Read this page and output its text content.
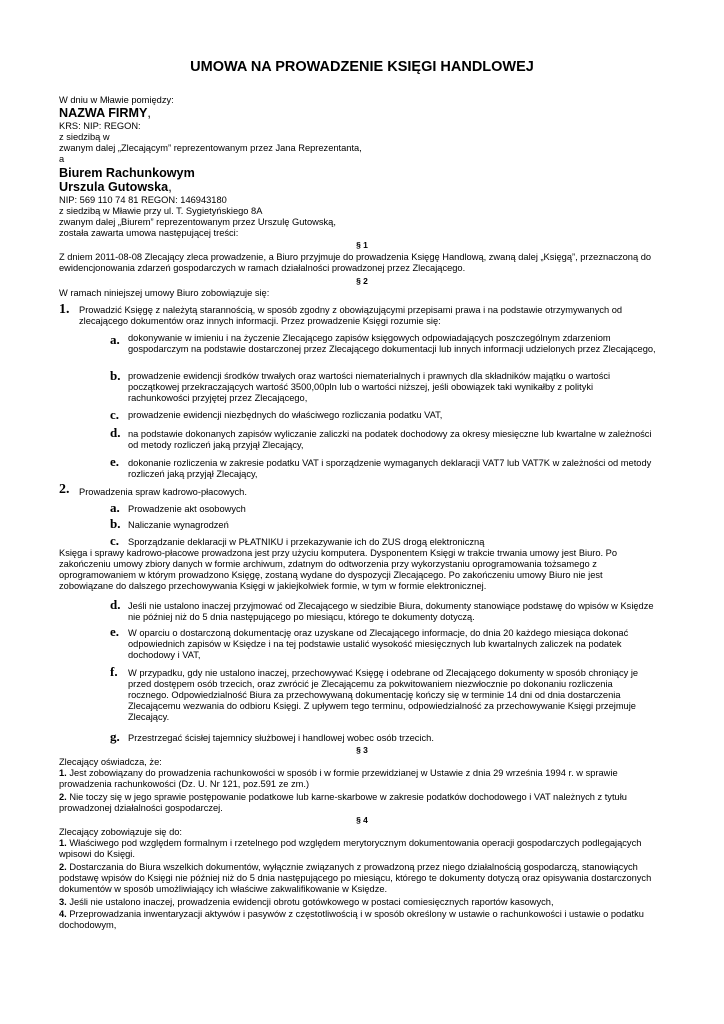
UMOWA NA PROWADZENIE KSIĘGI HANDLOWEJ
W dniu w Mławie pomiędzy:
NAZWA FIRMY,
KRS: NIP: REGON:
z siedzibą w
zwanym dalej „Zlecającym” reprezentowanym przez Jana Reprezentanta,
a
Biurem Rachunkowym
Urszula Gutowska,
NIP: 569 110 74 81 REGON: 146943180
z siedzibą w Mławie przy ul. T. Sygietyńskiego 8A
zwanym dalej „Biurem” reprezentowanym przez Urszulę Gutowską,
została zawarta umowa następującej treści:
§ 1
Z dniem 2011-08-08 Zlecający zleca prowadzenie, a Biuro przyjmuje do prowadzenia Księgę Handlową, zwaną dalej „Księgą”, przeznaczoną do ewidencjonowania zdarzeń gospodarczych w ramach działalności prowadzonej przez Zlecającego.
§ 2
W ramach niniejszej umowy Biuro zobowiązuje się:
1. Prowadzić Księgę z należytą starannością, w sposób zgodny z obowiązującymi przepisami prawa i na podstawie otrzymywanych od zlecającego dokumentów oraz innych informacji. Przez prowadzenie Księgi rozumie się:
a. dokonywanie w imieniu i na życzenie Zlecającego zapisów księgowych odpowiadających poszczególnym zdarzeniom gospodarczym na podstawie dostarczonej przez Zlecającego dokumentacji lub innych informacji udzielonych przez Zlecającego,
b. prowadzenie ewidencji środków trwałych oraz wartości niematerialnych i prawnych dla składników majątku o wartości początkowej przekraczających wartość 3500,00pln lub o wartości niższej, jeśli obowiązek taki wynikałby z polityki rachunkowości przyjętej przez Zlecającego,
c. prowadzenie ewidencji niezbędnych do właściwego rozliczania podatku VAT,
d. na podstawie dokonanych zapisów wyliczanie zaliczki na podatek dochodowy za okresy miesięczne lub kwartalne w zależności od metody rozliczeń jaką przyjął Zlecający,
e. dokonanie rozliczenia w zakresie podatku VAT i sporządzenie wymaganych deklaracji VAT7 lub VAT7K w zależności od metody rozliczeń jaką przyjął Zlecający,
2. Prowadzenia spraw kadrowo-płacowych.
a. Prowadzenie akt osobowych
b. Naliczanie wynagrodzeń
c. Sporządzanie deklaracji w PŁATNIKU i przekazywanie ich do ZUS drogą elektroniczną
Księga i sprawy kadrowo-płacowe prowadzona jest przy użyciu komputera. Dysponentem Księgi w trakcie trwania umowy jest Biuro. Po zakończeniu umowy zbiory danych w formie archiwum, zdatnym do odtworzenia przy wykorzystaniu oprogramowania tożsamego z oprogramowaniem w którym prowadzono Księgę, zostaną wydane do dyspozycji Zlecającego. Po zakończeniu umowy Biuro nie jest zobowiązane do dalszego przechowywania Księgi w jakiejkolwiek formie, w tym w formie elektronicznej.
d. Jeśli nie ustalono inaczej przyjmować od Zlecającego w siedzibie Biura, dokumenty stanowiące podstawę do wpisów w Księdze nie później niż do 5 dnia następującego po miesiącu, którego te dokumenty dotyczą.
e. W oparciu o dostarczoną dokumentację oraz uzyskane od Zlecającego informacje, do dnia 20 każdego miesiąca dokonać odpowiednich zapisów w Księdze i na tej podstawie ustalić wysokość miesięcznych lub kwartalnych zaliczek na podatek dochodowy i VAT,
f. W przypadku, gdy nie ustalono inaczej, przechowywać Księgę i odebrane od Zlecającego dokumenty w sposób chroniący je przed dostępem osób trzecich, oraz zwrócić je Zlecającemu za pokwitowaniem niezwłocznie po dokonaniu rozliczenia rocznego. Odpowiedzialność Biura za przechowywaną dokumentację kończy się w terminie 14 dni od dnia dostarczenia Zlecającemu wezwania do odbioru Księgi. Z upływem tego terminu, odpowiedzialność za przechowywanie Księgi przejmuje Zlecający.
g. Przestrzegać ścisłej tajemnicy służbowej i handlowej wobec osób trzecich.
§ 3
Zlecający oświadcza, że:
1. Jest zobowiązany do prowadzenia rachunkowości w sposób i w formie przewidzianej w Ustawie z dnia 29 września 1994 r. w sprawie prowadzenia rachunkowości (Dz. U. Nr 121, poz.591 ze zm.)
2. Nie toczy się w jego sprawie postępowanie podatkowe lub karne-skarbowe w zakresie podatków dochodowego i VAT należnych z tytułu prowadzonej działalności gospodarczej.
§ 4
Zlecający zobowiązuje się do:
1. Właściwego pod względem formalnym i rzetelnego pod względem merytorycznym dokumentowania operacji gospodarczych podlegających wpisowi do Księgi.
2. Dostarczania do Biura wszelkich dokumentów, wyłącznie związanych z prowadzoną przez niego działalnością gospodarczą, stanowiących podstawę wpisów do Księgi nie później niż do 5 dnia następującego po miesiącu, którego te dokumenty dotyczą oraz opisywania dostarczonych dokumentów w sposób umożliwiający ich właściwe zakwalifikowanie w Księdze.
3. Jeśli nie ustalono inaczej, prowadzenia ewidencji obrotu gotówkowego w postaci comiesięcznych raportów kasowych,
4. Przeprowadzania inwentaryzacji aktywów i pasywów z częstotliwością i w sposób określony w ustawie o rachunkowości i ustawie o podatku dochodowym,
